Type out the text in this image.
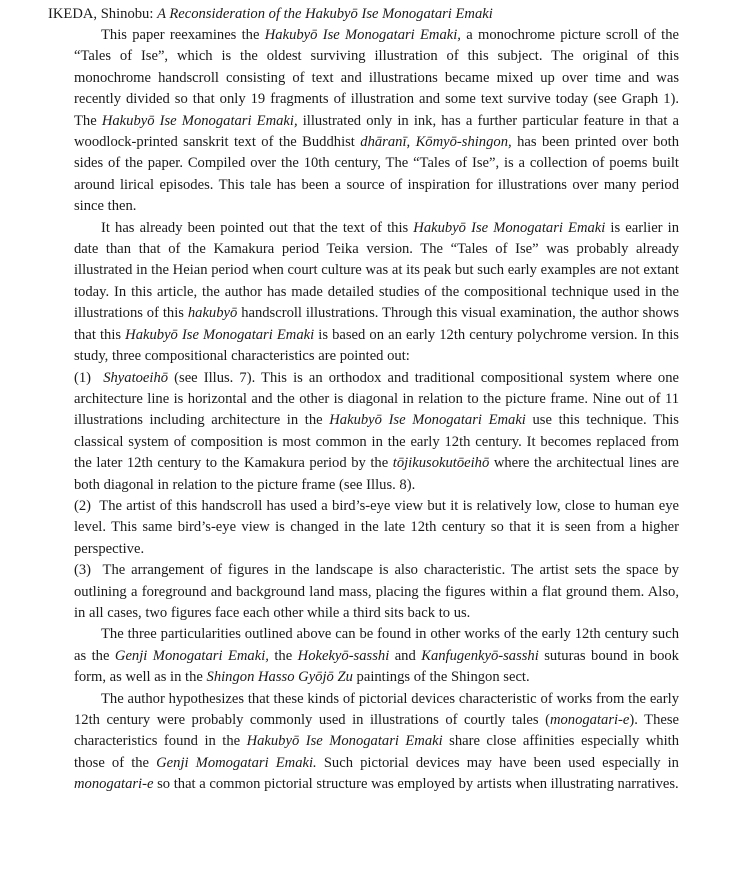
IKEDA, Shinobu: A Reconsideration of the Hakubyō Ise Monogatari Emaki

This paper reexamines the Hakubyō Ise Monogatari Emaki, a monochrome picture scroll of the “Tales of Ise”, which is the oldest surviving illustration of this subject. The original of this monochrome handscroll consisting of text and illustrations became mixed up over time and was recently divided so that only 19 fragments of illustration and some text survive today (see Graph 1). The Hakubyō Ise Monogatari Emaki, illustrated only in ink, has a further particular feature in that a woodlock-printed sanskrit text of the Buddhist dhāranī, Kōmyō-shingon, has been printed over both sides of the paper. Compiled over the 10th century, The “Tales of Ise”, is a collection of poems built around lirical episodes. This tale has been a source of inspiration for illustrations over many period since then.

It has already been pointed out that the text of this Hakubyō Ise Monogatari Emaki is earlier in date than that of the Kamakura period Teika version. The “Tales of Ise” was probably already illustrated in the Heian period when court culture was at its peak but such early examples are not extant today. In this article, the author has made detailed studies of the compositional technique used in the illustrations of this hakubyō handscroll illustrations. Through this visual examination, the author shows that this Hakubyō Ise Monogatari Emaki is based on an early 12th century polychrome version. In this study, three compositional characteristics are pointed out:

(1)  Shyatoeihō (see Illus. 7). This is an orthodox and traditional compositional system where one architecture line is horizontal and the other is diagonal in relation to the picture frame. Nine out of 11 illustrations including architecture in the Hakubyō Ise Monogatari Emaki use this technique. This classical system of composition is most common in the early 12th century. It becomes replaced from the later 12th century to the Kamakura period by the tōjikusokutōeihō where the architectual lines are both diagonal in relation to the picture frame (see Illus. 8).

(2)  The artist of this handscroll has used a bird’s-eye view but it is relatively low, close to human eye level. This same bird’s-eye view is changed in the late 12th century so that it is seen from a higher perspective.

(3)  The arrangement of figures in the landscape is also characteristic. The artist sets the space by outlining a foreground and background land mass, placing the figures within a flat ground them. Also, in all cases, two figures face each other while a third sits back to us.

The three particularities outlined above can be found in other works of the early 12th century such as the Genji Monogatari Emaki, the Hokekyō-sasshi and Kanfugenkyō-sasshi suturas bound in book form, as well as in the Shingon Hasso Gyōjō Zu paintings of the Shingon sect.

The author hypothesizes that these kinds of pictorial devices characteristic of works from the early 12th century were probably commonly used in illustrations of courtly tales (monogatari-e). These characteristics found in the Hakubyō Ise Monogatari Emaki share close affinities especially whith those of the Genji Momogatari Emaki. Such pictorial devices may have been used especially in monogatari-e so that a common pictorial structure was employed by artists when illustrating narratives.
